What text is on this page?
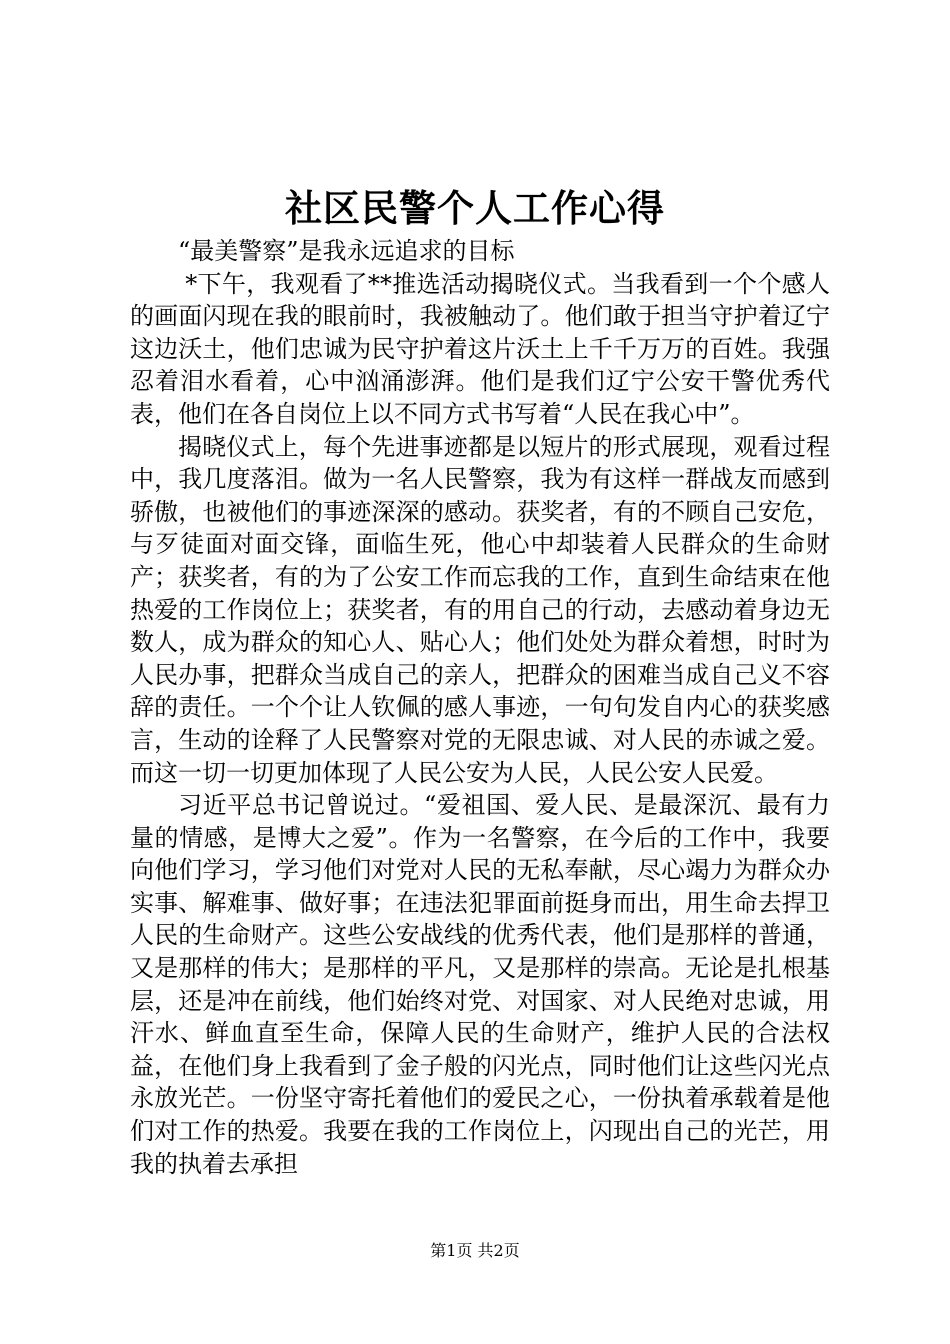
社区民警个人工作心得

“最美警察”是我永远追求的目标

*下午，我观看了**推选活动揭晓仪式。当我看到一个个感人的画面闪现在我的眼前时，我被触动了。他们敢于担当守护着辽宁这边沃土，他们忠诚为民守护着这片沃土上千千万万的百姓。我强忍着泪水看着，心中汹涌澎湃。他们是我们辽宁公安干警优秀代表，他们在各自岗位上以不同方式书写着“人民在我心中”。

揭晓仪式上，每个先进事迹都是以短片的形式展现，观看过程中，我几度落泪。做为一名人民警察，我为有这样一群战友而感到骄傲，也被他们的事迹深深的感动。获奖者，有的不顾自己安危，与歹徒面对面交锋，面临生死，他心中却装着人民群众的生命财产；获奖者，有的为了公安工作而忘我的工作，直到生命结束在他热爱的工作岗位上；获奖者，有的用自己的行动，去感动着身边无数人，成为群众的知心人、贴心人；他们处处为群众着想，时时为人民办事，把群众当成自己的亲人，把群众的困难当成自己义不容辞的责任。一个个让人钦佩的感人事迹，一句句发自内心的获奖感言，生动的诠释了人民警察对党的无限忠诚、对人民的赤诚之爱。而这一切一切更加体现了人民公安为人民，人民公安人民爱。

习近平总书记曾说过。“爱祖国、爱人民、是最深沉、最有力量的情感，是博大之爱”。作为一名警察，在今后的工作中，我要向他们学习，学习他们对党对人民的无私奉献，尽心竭力为群众办实事、解难事、做好事；在违法犯罪面前挺身而出，用生命去捍卫人民的生命财产。这些公安战线的优秀代表，他们是那样的普通，又是那样的伟大；是那样的平凡，又是那样的崇高。无论是扎根基层，还是冲在前线，他们始终对党、对国家、对人民绝对忠诚，用汗水、鲜血直至生命，保障人民的生命财产，维护人民的合法权益，在他们身上我看到了金子般的闪光点，同时他们让这些闪光点永放光芒。一份坚守寄托着他们的爱民之心，一份执着承载着是他们对工作的热爱。我要在我的工作岗位上，闪现出自己的光芒，用我的执着去承担

第1页 共2页
